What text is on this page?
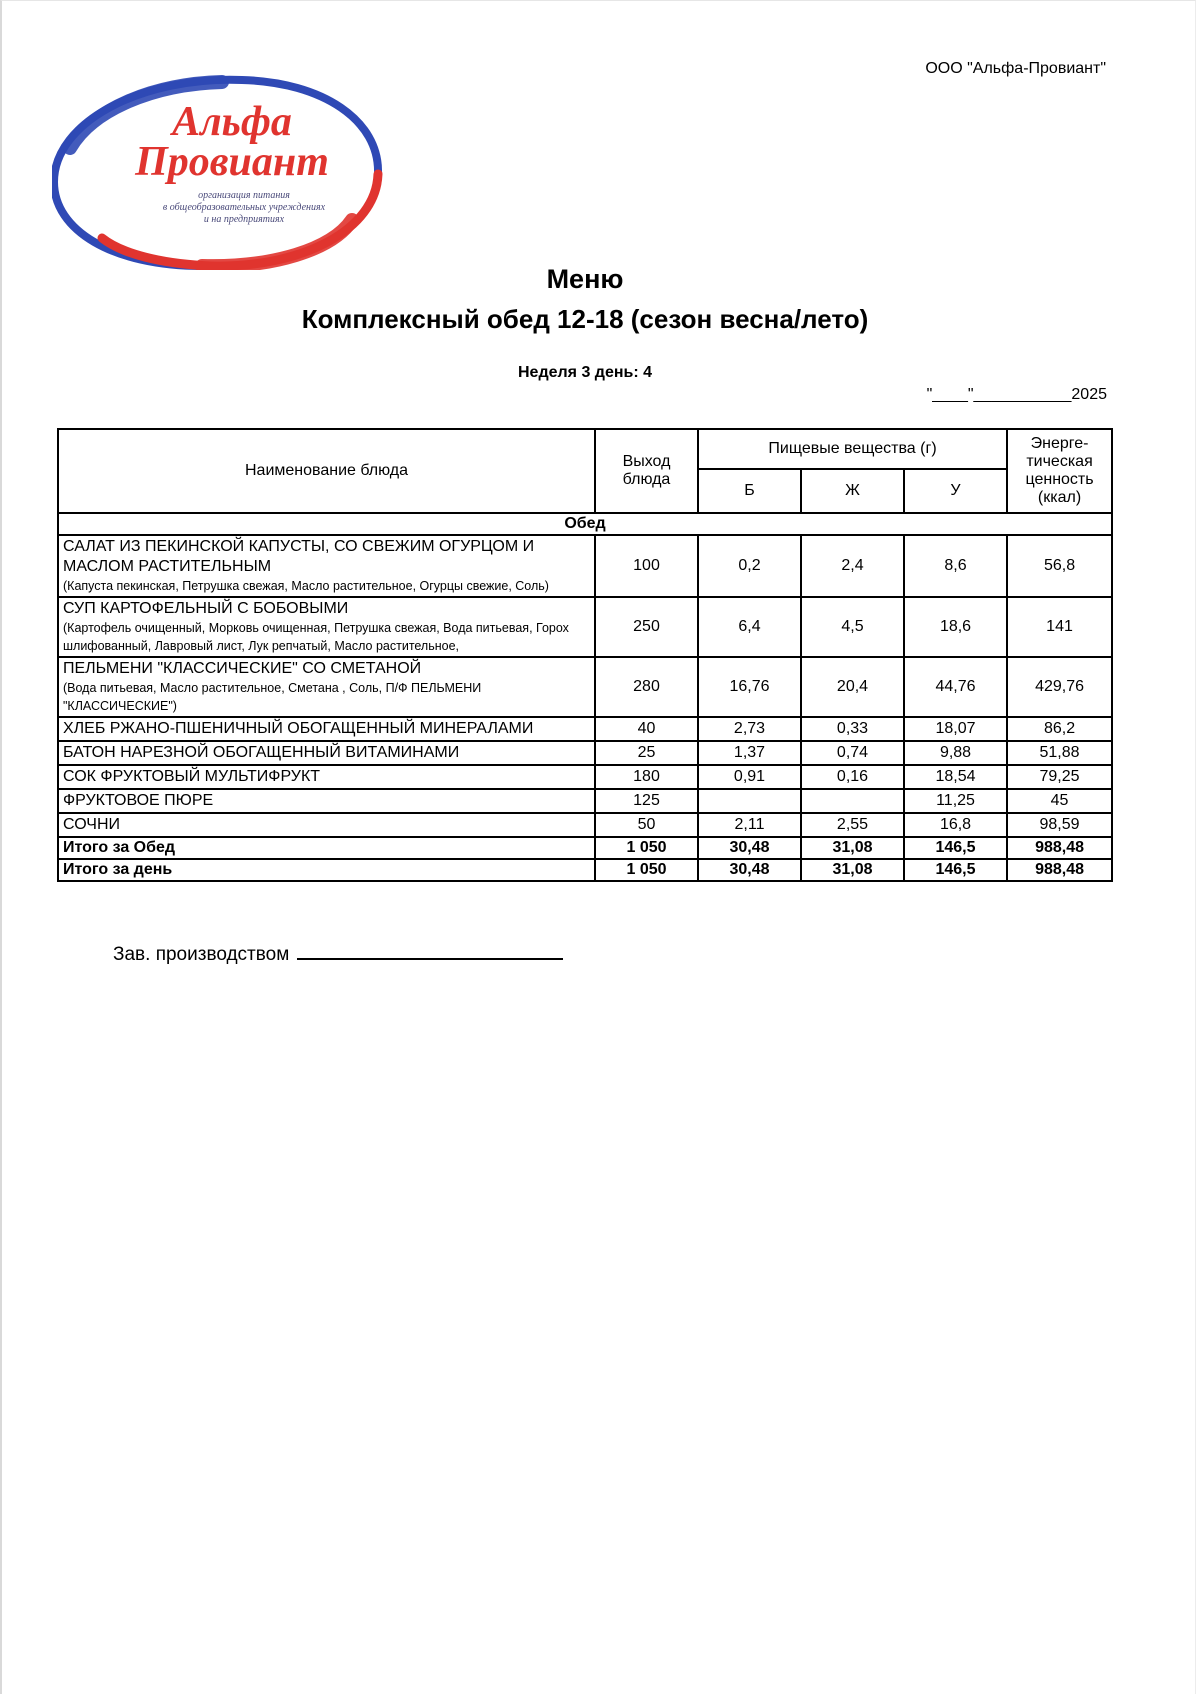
ООО "Альфа-Провиант"
Альфа
Провиант
организация питания
в общеобразовательных учреждениях
и на предприятиях
Меню
Комплексный обед 12-18 (сезон весна/лето)
Неделя 3 день: 4
"____"___________2025
Наименование блюда	Выход блюда	Пищевые вещества (г)			Энерге-тическая ценность (ккал)
		Б	Ж	У	
Обед					

САЛАТ ИЗ ПЕКИНСКОЙ КАПУСТЫ, СО СВЕЖИМ ОГУРЦОМ И МАСЛОМ РАСТИТЕЛЬНЫМ
(Капуста пекинская, Петрушка свежая, Масло растительное, Огурцы свежие, Соль)	100	0,2	2,4	8,6	56,8

СУП КАРТОФЕЛЬНЫЙ С БОБОВЫМИ
(Картофель очищенный, Морковь очищенная, Петрушка свежая, Вода питьевая, Горох шлифованный, Лавровый лист, Лук репчатый, Масло растительное,	250	6,4	4,5	18,6	141

ПЕЛЬМЕНИ "КЛАССИЧЕСКИЕ" СО СМЕТАНОЙ
(Вода питьевая, Масло растительное, Сметана , Соль, П/Ф ПЕЛЬМЕНИ "КЛАССИЧЕСКИЕ")	280	16,76	20,4	44,76	429,76

ХЛЕБ РЖАНО-ПШЕНИЧНЫЙ ОБОГАЩЕННЫЙ МИНЕРАЛАМИ	40	2,73	0,33	18,07	86,2

БАТОН НАРЕЗНОЙ ОБОГАЩЕННЫЙ ВИТАМИНАМИ	25	1,37	0,74	9,88	51,88

СОК ФРУКТОВЫЙ МУЛЬТИФРУКТ	180	0,91	0,16	18,54	79,25

ФРУКТОВОЕ ПЮРЕ	125			11,25	45

СОЧНИ	50	2,11	2,55	16,8	98,59
Итого за Обед	1 050	30,48	31,08	146,5	988,48
Итого за день	1 050	30,48	31,08	146,5	988,48
Зав. производством
